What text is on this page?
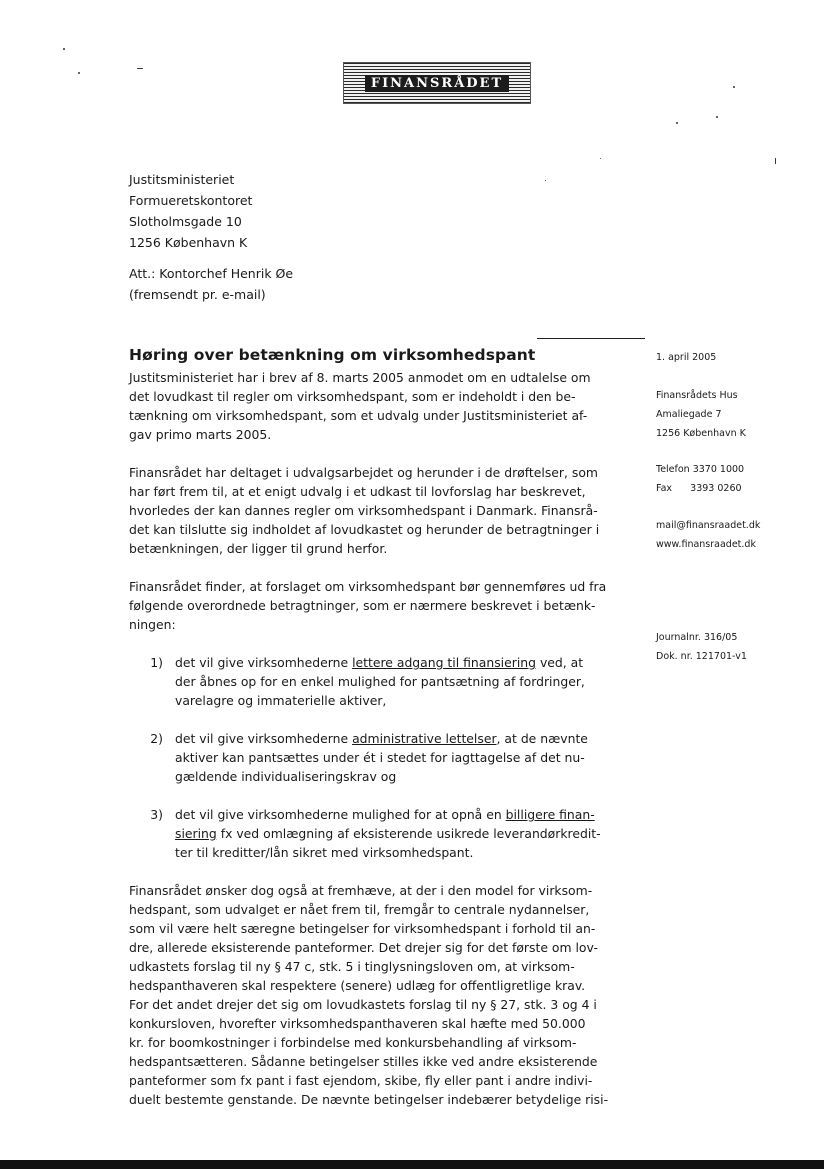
FINANSRÅDET
Justitsministeriet
Formueretskontoret
Slotholmsgade 10
1256 København K
Att.: Kontorchef Henrik Øe
(fremsendt pr. e-mail)
Høring over betænkning om virksomhedspant

Justitsministeriet har i brev af 8. marts 2005 anmodet om en udtalelse om
det lovudkast til regler om virksomhedspant, som er indeholdt i den be-
tænkning om virksomhedspant, som et udvalg under Justitsministeriet af-
gav primo marts 2005.

Finansrådet har deltaget i udvalgsarbejdet og herunder i de drøftelser, som
har ført frem til, at et enigt udvalg i et udkast til lovforslag har beskrevet,
hvorledes der kan dannes regler om virksomhedspant i Danmark. Finansrå-
det kan tilslutte sig indholdet af lovudkastet og herunder de betragtninger i
betænkningen, der ligger til grund herfor.

Finansrådet finder, at forslaget om virksomhedspant bør gennemføres ud fra
følgende overordnede betragtninger, som er nærmere beskrevet i betænk-
ningen:

1) det vil give virksomhederne lettere adgang til finansiering ved, at
der åbnes op for en enkel mulighed for pantsætning af fordringer,
varelagre og immaterielle aktiver,
2) det vil give virksomhederne administrative lettelser, at de nævnte
aktiver kan pantsættes under ét i stedet for iagttagelse af det nu-
gældende individualiseringskrav og
3) det vil give virksomhederne mulighed for at opnå en billigere finan-
siering fx ved omlægning af eksisterende usikrede leverandørkredit-
ter til kreditter/lån sikret med virksomhedspant.

Finansrådet ønsker dog også at fremhæve, at der i den model for virksom-
hedspant, som udvalget er nået frem til, fremgår to centrale nydannelser,
som vil være helt særegne betingelser for virksomhedspant i forhold til an-
dre, allerede eksisterende panteformer. Det drejer sig for det første om lov-
udkastets forslag til ny § 47 c, stk. 5 i tinglysningsloven om, at virksom-
hedspanthaveren skal respektere (senere) udlæg for offentligretlige krav.
For det andet drejer det sig om lovudkastets forslag til ny § 27, stk. 3 og 4 i
konkursloven, hvorefter virksomhedspanthaveren skal hæfte med 50.000
kr. for boomkostninger i forbindelse med konkursbehandling af virksom-
hedspantsætteren. Sådanne betingelser stilles ikke ved andre eksisterende
panteformer som fx pant i fast ejendom, skibe, fly eller pant i andre indivi-
duelt bestemte genstande. De nævnte betingelser indebærer betydelige risi-

1. april 2005
Finansrådets Hus
Amaliegade 7
1256 København K
Telefon 3370 1000
Fax      3393 0260
mail@finansraadet.dk
www.finansraadet.dk
Journalnr. 316/05
Dok. nr. 121701-v1
